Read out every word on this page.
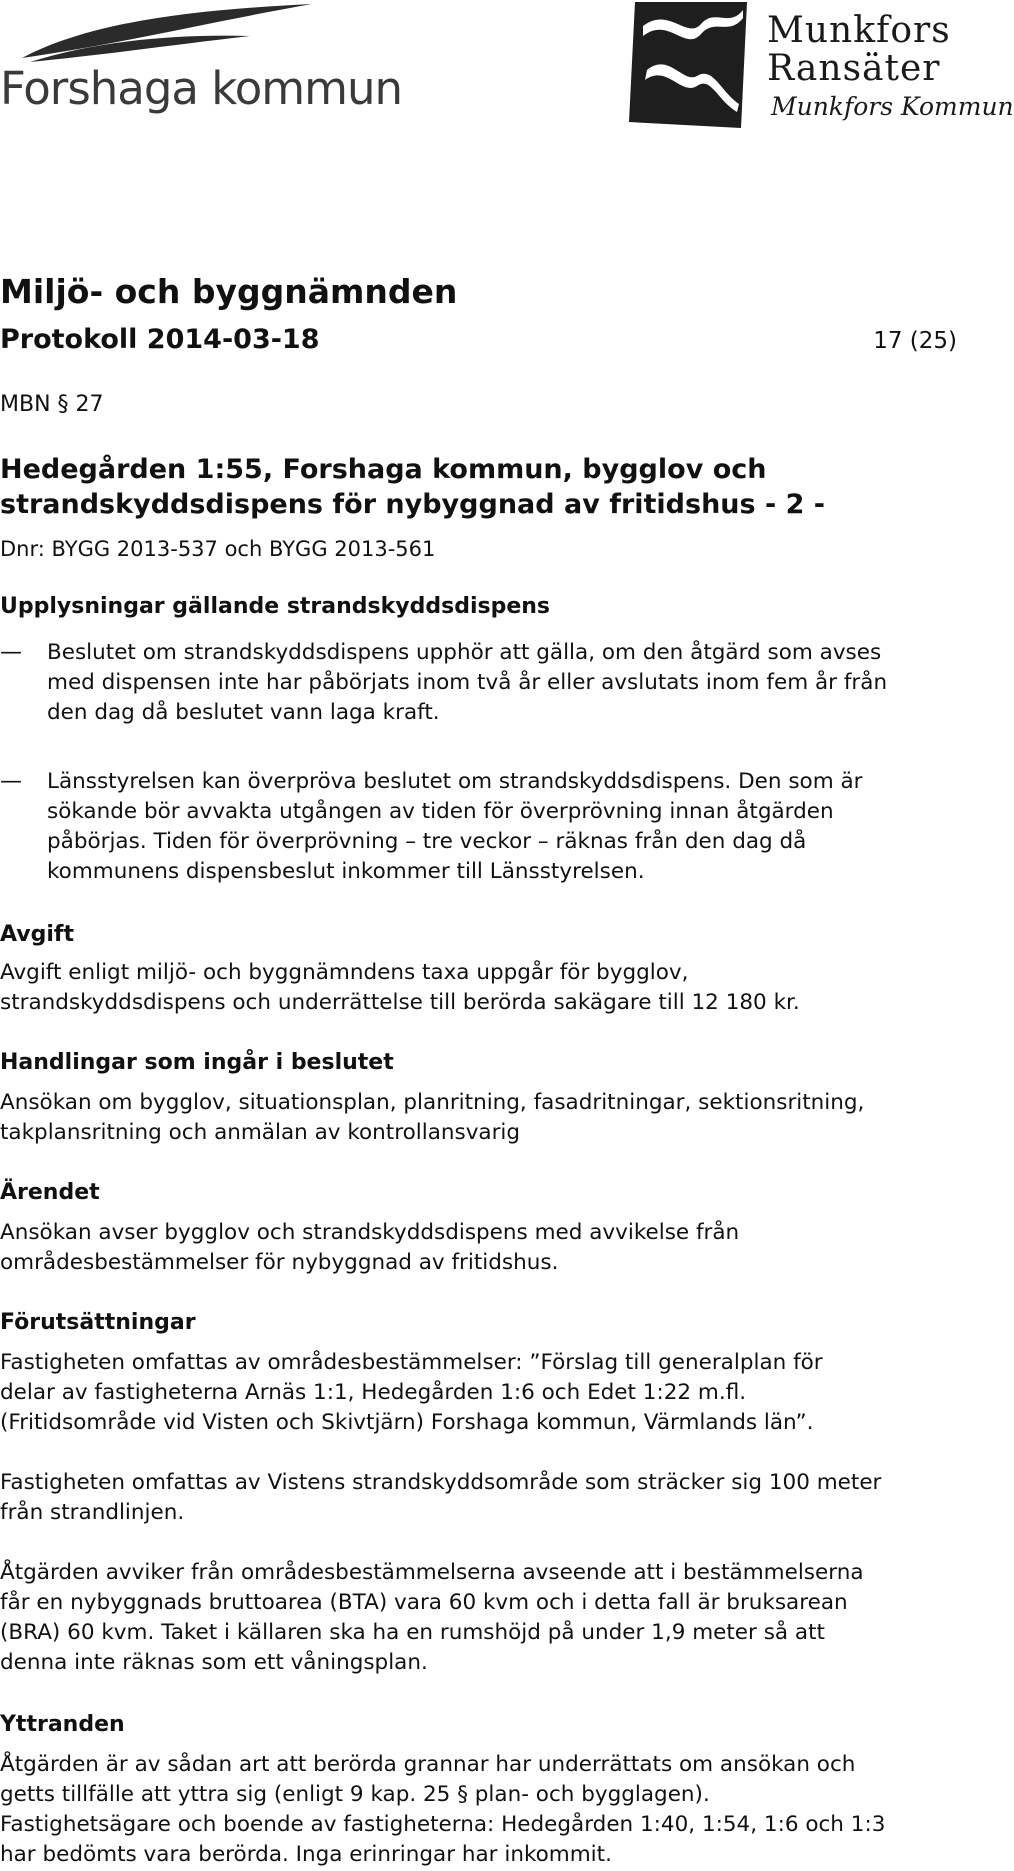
Forshaga kommun
Munkfors
Ransäter
Munkfors Kommun
Miljö- och byggnämnden
Protokoll 2014-03-18	17 (25)
MBN § 27
Hedegården 1:55, Forshaga kommun, bygglov och
strandskyddsdispens för nybyggnad av fritidshus - 2 -
Dnr: BYGG 2013-537 och BYGG 2013-561
Upplysningar gällande strandskyddsdispens
— Beslutet om strandskyddsdispens upphör att gälla, om den åtgärd som avses
med dispensen inte har påbörjats inom två år eller avslutats inom fem år från
den dag då beslutet vann laga kraft.
— Länsstyrelsen kan överpröva beslutet om strandskyddsdispens. Den som är
sökande bör avvakta utgången av tiden för överprövning innan åtgärden
påbörjas. Tiden för överprövning – tre veckor – räknas från den dag då
kommunens dispensbeslut inkommer till Länsstyrelsen.
Avgift
Avgift enligt miljö- och byggnämndens taxa uppgår för bygglov,
strandskyddsdispens och underrättelse till berörda sakägare till 12 180 kr.
Handlingar som ingår i beslutet
Ansökan om bygglov, situationsplan, planritning, fasadritningar, sektionsritning,
takplansritning och anmälan av kontrollansvarig
Ärendet
Ansökan avser bygglov och strandskyddsdispens med avvikelse från
områdesbestämmelser för nybyggnad av fritidshus.
Förutsättningar
Fastigheten omfattas av områdesbestämmelser: ”Förslag till generalplan för
delar av fastigheterna Arnäs 1:1, Hedegården 1:6 och Edet 1:22 m.fl.
(Fritidsområde vid Visten och Skivtjärn) Forshaga kommun, Värmlands län”.
Fastigheten omfattas av Vistens strandskyddsområde som sträcker sig 100 meter
från strandlinjen.
Åtgärden avviker från områdesbestämmelserna avseende att i bestämmelserna
får en nybyggnads bruttoarea (BTA) vara 60 kvm och i detta fall är bruksarean
(BRA) 60 kvm. Taket i källaren ska ha en rumshöjd på under 1,9 meter så att
denna inte räknas som ett våningsplan.
Yttranden
Åtgärden är av sådan art att berörda grannar har underrättats om ansökan och
getts tillfälle att yttra sig (enligt 9 kap. 25 § plan- och bygglagen).
Fastighetsägare och boende av fastigheterna: Hedegården 1:40, 1:54, 1:6 och 1:3
har bedömts vara berörda. Inga erinringar har inkommit.
